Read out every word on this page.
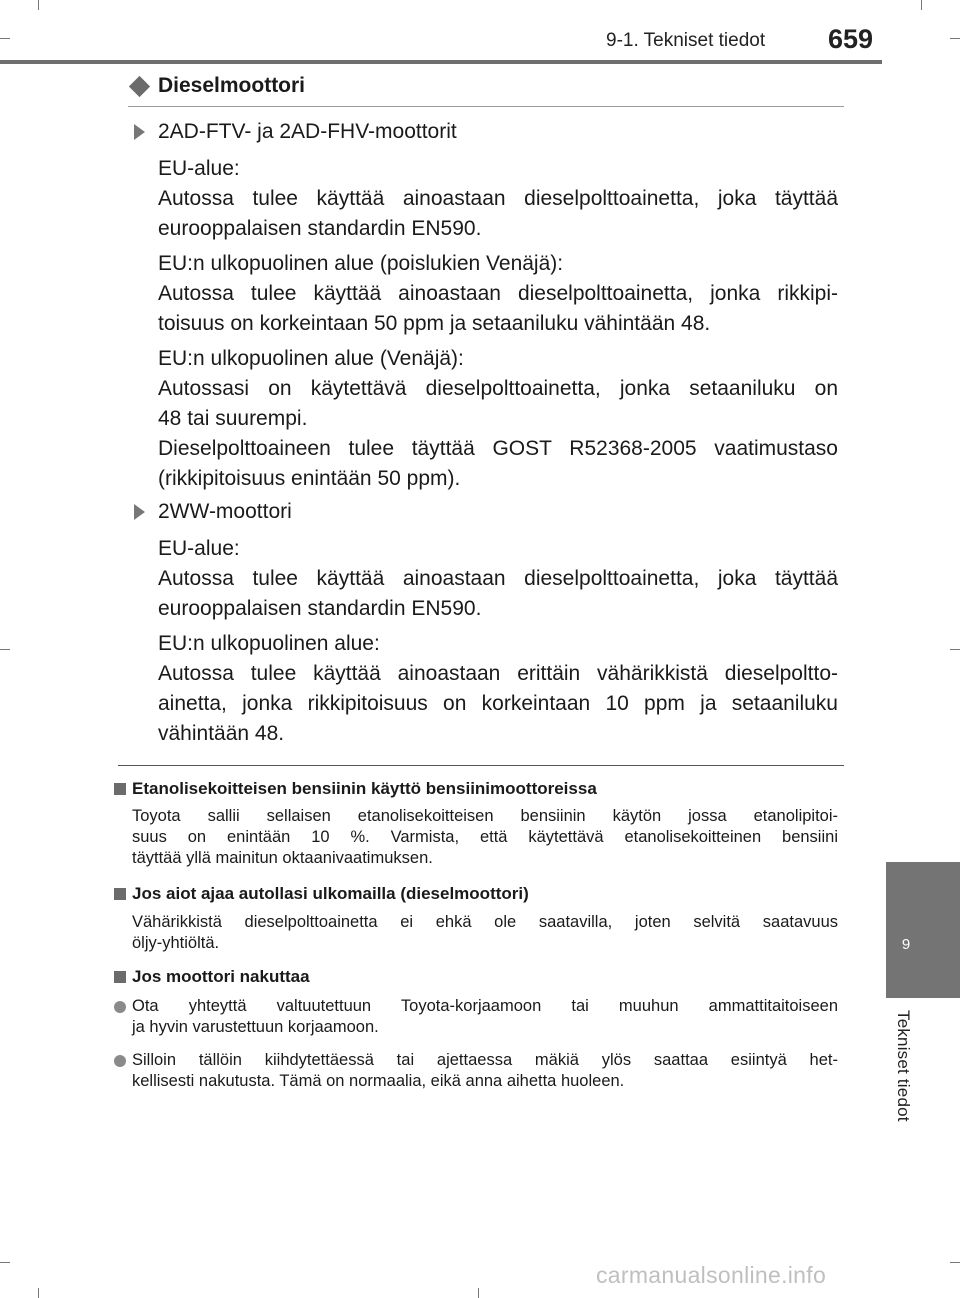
9-1. Tekniset tiedot 659
9
Tekniset tiedot
Dieselmoottori
2AD-FTV- ja 2AD-FHV-moottorit
EU-alue:
Autossa tulee käyttää ainoastaan dieselpolttoainetta, joka täyttää
eurooppalaisen standardin EN590.
EU:n ulkopuolinen alue (poislukien Venäjä):
Autossa tulee käyttää ainoastaan dieselpolttoainetta, jonka rikkipi-
toisuus on korkeintaan 50 ppm ja setaaniluku vähintään 48.
EU:n ulkopuolinen alue (Venäjä):
Autossasi on käytettävä dieselpolttoainetta, jonka setaaniluku on
48 tai suurempi.
Dieselpolttoaineen tulee täyttää GOST R52368-2005 vaatimustaso
(rikkipitoisuus enintään 50 ppm).
2WW-moottori
EU-alue:
Autossa tulee käyttää ainoastaan dieselpolttoainetta, joka täyttää
eurooppalaisen standardin EN590.
EU:n ulkopuolinen alue:
Autossa tulee käyttää ainoastaan erittäin vähärikkistä dieselpoltto-
ainetta, jonka rikkipitoisuus on korkeintaan 10 ppm ja setaaniluku
vähintään 48.
Etanolisekoitteisen bensiinin käyttö bensiinimoottoreissa
Toyota sallii sellaisen etanolisekoitteisen bensiinin käytön jossa etanolipitoi-
suus on enintään 10 %. Varmista, että käytettävä etanolisekoitteinen bensiini
täyttää yllä mainitun oktaanivaatimuksen.
Jos aiot ajaa autollasi ulkomailla (dieselmoottori)
Vähärikkistä dieselpolttoainetta ei ehkä ole saatavilla, joten selvitä saatavuus
öljy-yhtiöltä.
Jos moottori nakuttaa
Ota yhteyttä valtuutettuun Toyota-korjaamoon tai muuhun ammattitaitoiseen
ja hyvin varustettuun korjaamoon.
Silloin tällöin kiihdytettäessä tai ajettaessa mäkiä ylös saattaa esiintyä het-
kellisesti nakutusta. Tämä on normaalia, eikä anna aihetta huoleen.
carmanualsonline.info
